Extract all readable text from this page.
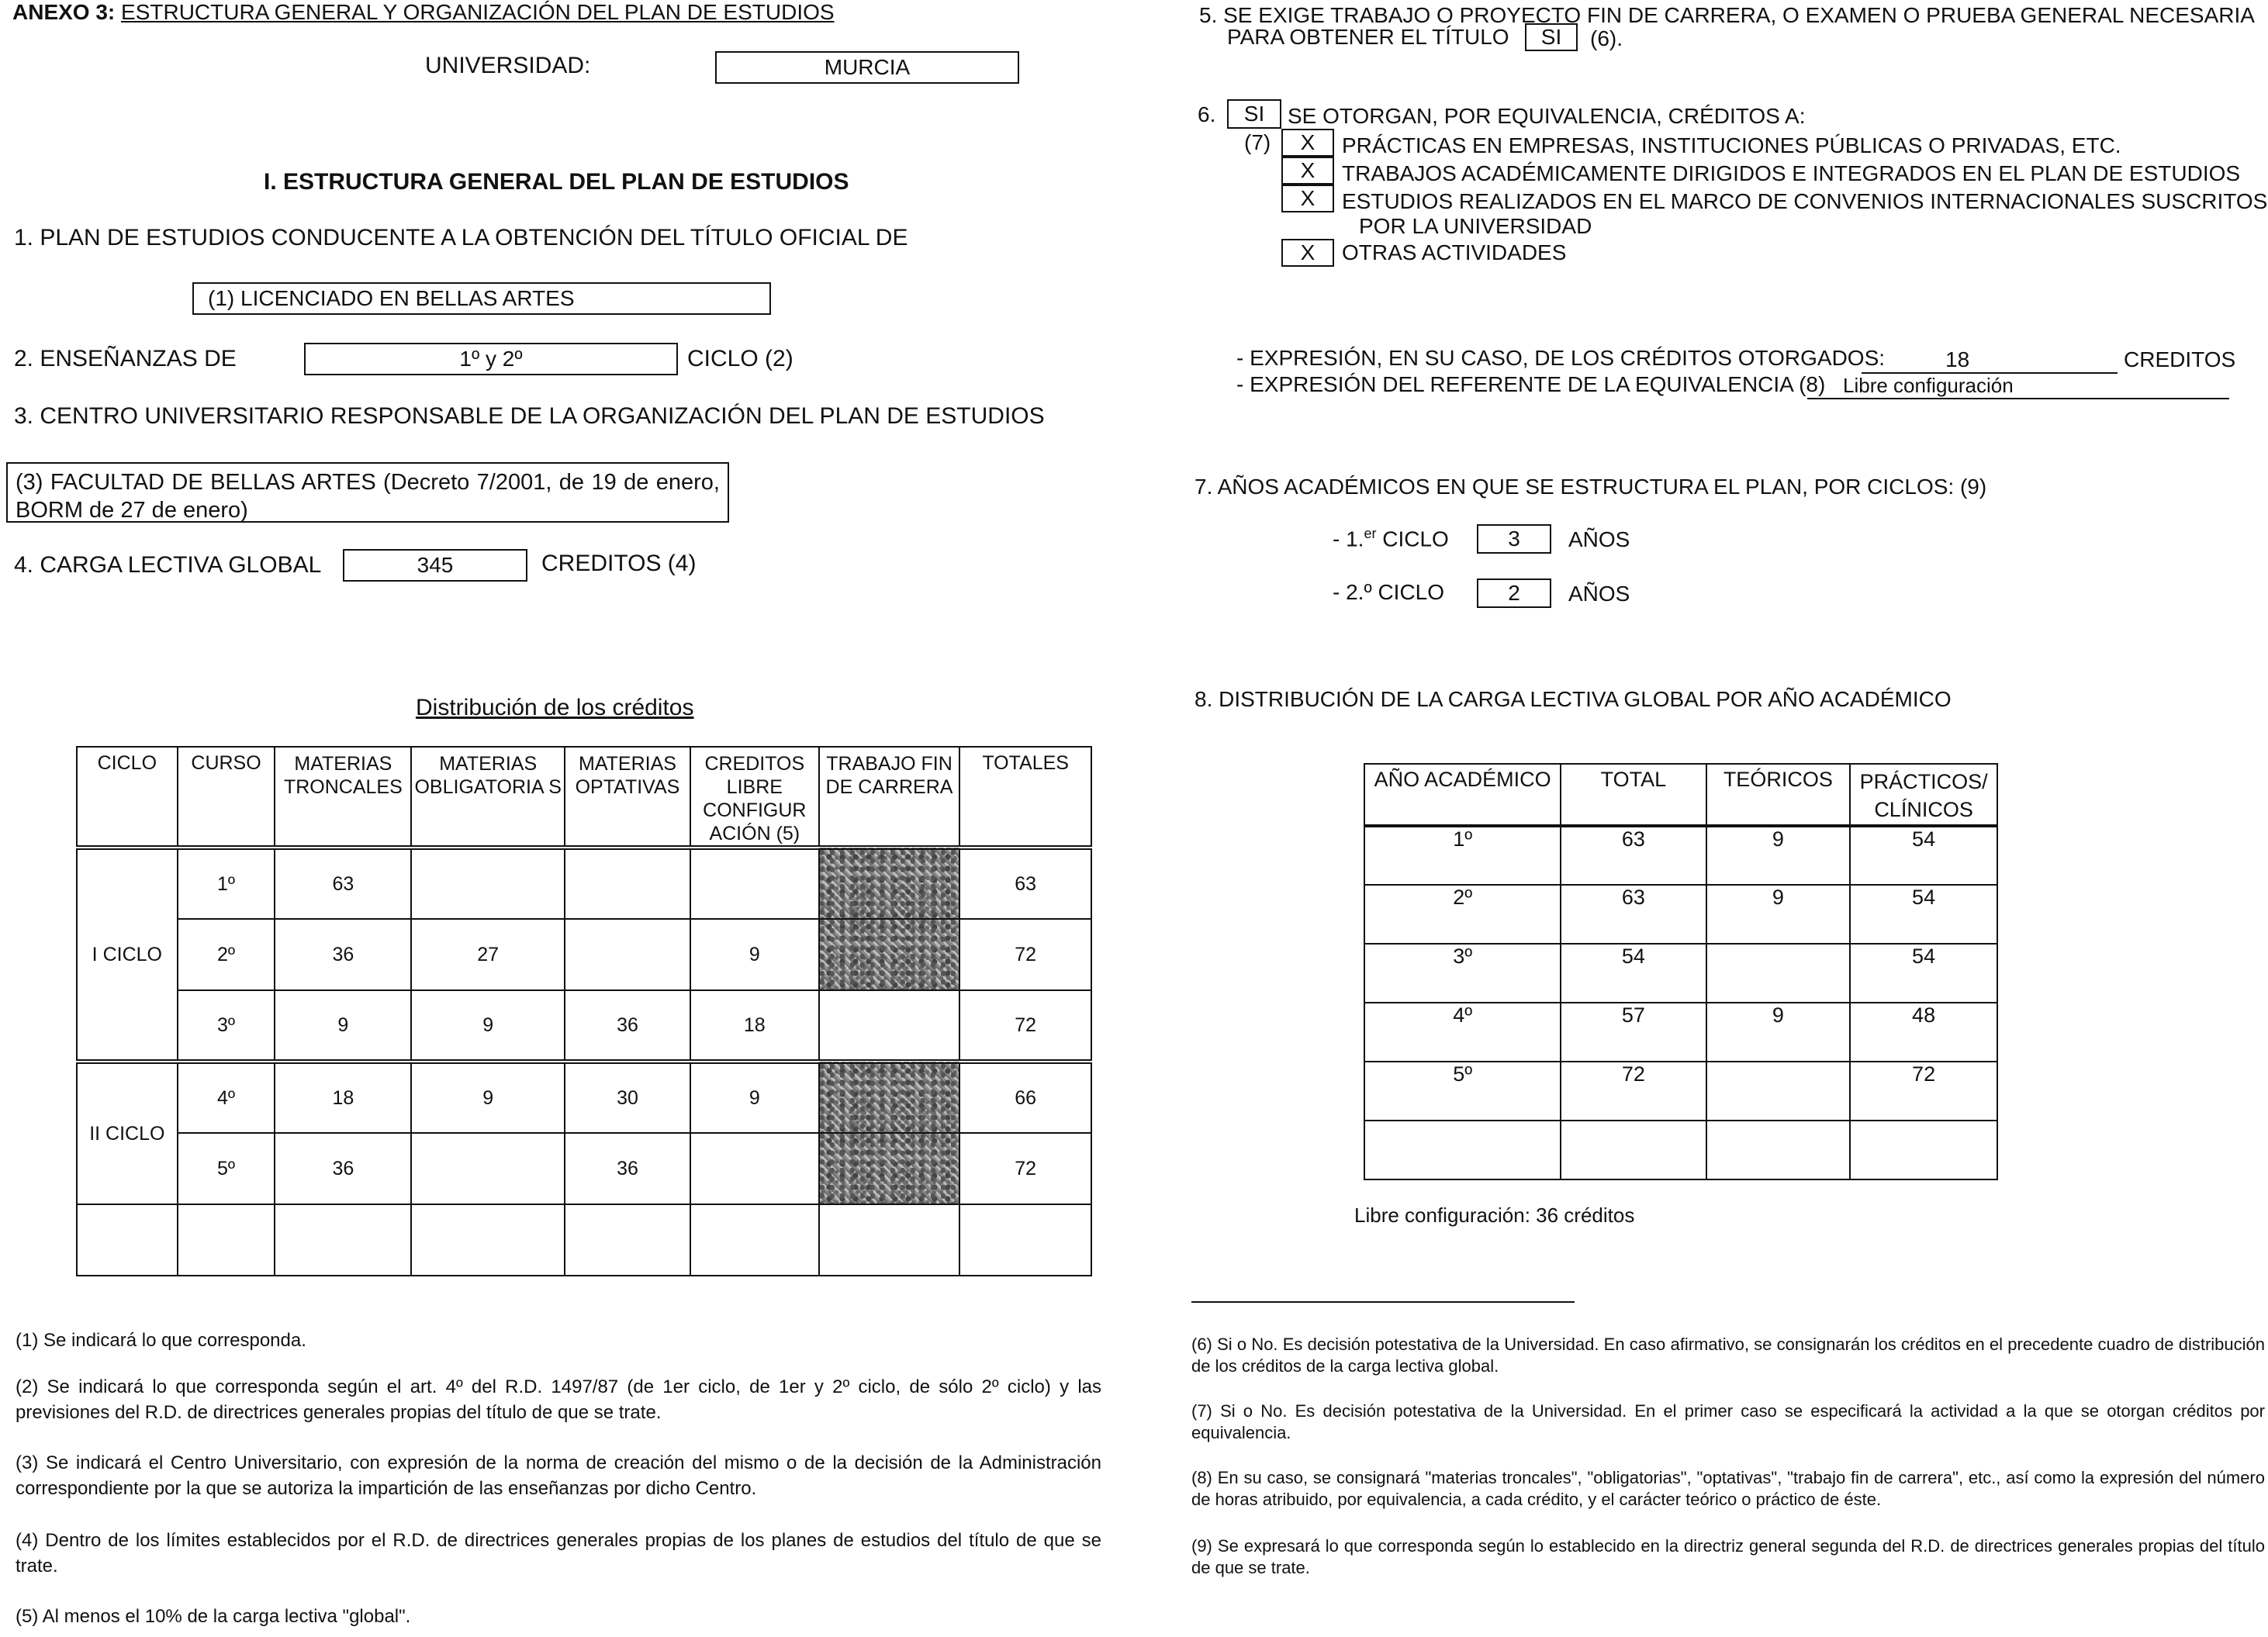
ANEXO 3: ESTRUCTURA GENERAL Y ORGANIZACIÓN DEL PLAN DE ESTUDIOS
UNIVERSIDAD:	MURCIA
I. ESTRUCTURA GENERAL DEL PLAN DE ESTUDIOS
1. PLAN DE ESTUDIOS CONDUCENTE A LA OBTENCIÓN DEL TÍTULO OFICIAL DE
(1) LICENCIADO EN BELLAS ARTES
2. ENSEÑANZAS DE	1º y 2º	CICLO (2)
3. CENTRO UNIVERSITARIO RESPONSABLE DE LA ORGANIZACIÓN DEL PLAN DE ESTUDIOS
(3) FACULTAD DE BELLAS ARTES (Decreto 7/2001, de 19 de enero, BORM de 27 de enero)
4. CARGA LECTIVA GLOBAL	345	CREDITOS (4)
Distribución de los créditos
CICLO	CURSO	MATERIAS TRONCALES	MATERIAS OBLIGATORIA S	MATERIAS OPTATIVAS	CREDITOS LIBRE CONFIGUR ACIÓN (5)	TRABAJO FIN DE CARRERA	TOTALES
I CICLO	1º	63					63
	2º	36	27		9		72
	3º	9	9	36	18		72
II CICLO	4º	18	9	30	9		66
	5º	36		36			72

(1) Se indicará lo que corresponda.
(2) Se indicará lo que corresponda según el art. 4º del R.D. 1497/87 (de 1er ciclo, de 1er y 2º ciclo, de sólo 2º ciclo) y las previsiones del R.D. de directrices generales propias del título de que se trate.
(3) Se indicará el Centro Universitario, con expresión de la norma de creación del mismo o de la decisión de la Administración correspondiente por la que se autoriza la impartición de las enseñanzas por dicho Centro.
(4) Dentro de los límites establecidos por el R.D. de directrices generales propias de los planes de estudios del título de que se trate.
(5) Al menos el 10% de la carga lectiva "global".
5. SE EXIGE TRABAJO O PROYECTO FIN DE CARRERA, O EXAMEN O PRUEBA GENERAL NECESARIA
PARA OBTENER EL TÍTULO	SI	(6).
6.	SI	SE OTORGAN, POR EQUIVALENCIA, CRÉDITOS A:
(7)	X	PRÁCTICAS EN EMPRESAS, INSTITUCIONES PÚBLICAS O PRIVADAS, ETC.
X	TRABAJOS ACADÉMICAMENTE DIRIGIDOS E INTEGRADOS EN EL PLAN DE ESTUDIOS
X	ESTUDIOS REALIZADOS EN EL MARCO DE CONVENIOS INTERNACIONALES SUSCRITOS
POR LA UNIVERSIDAD
X	OTRAS ACTIVIDADES
- EXPRESIÓN, EN SU CASO, DE LOS CRÉDITOS OTORGADOS:	18	CREDITOS
- EXPRESIÓN DEL REFERENTE DE LA EQUIVALENCIA (8) Libre configuración
7. AÑOS ACADÉMICOS EN QUE SE ESTRUCTURA EL PLAN, POR CICLOS: (9)
- 1.$^{er}$ CICLO	3	AÑOS
- 2.º CICLO	2	AÑOS
8. DISTRIBUCIÓN DE LA CARGA LECTIVA GLOBAL POR AÑO ACADÉMICO
AÑO ACADÉMICO	TOTAL	TEÓRICOS	PRÁCTICOS/ CLÍNICOS
1º	63	9	54
2º	63	9	54
3º	54		54
4º	57	9	48
5º	72		72

Libre configuración: 36 créditos
(6) Si o No. Es decisión potestativa de la Universidad. En caso afirmativo, se consignarán los créditos en el precedente cuadro de distribución de los créditos de la carga lectiva global.
(7) Si o No. Es decisión potestativa de la Universidad. En el primer caso se especificará la actividad a la que se otorgan créditos por equivalencia.
(8) En su caso, se consignará "materias troncales", "obligatorias", "optativas", "trabajo fin de carrera", etc., así como la expresión del número de horas atribuido, por equivalencia, a cada crédito, y el carácter teórico o práctico de éste.
(9) Se expresará lo que corresponda según lo establecido en la directriz general segunda del R.D. de directrices generales propias del título de que se trate.
